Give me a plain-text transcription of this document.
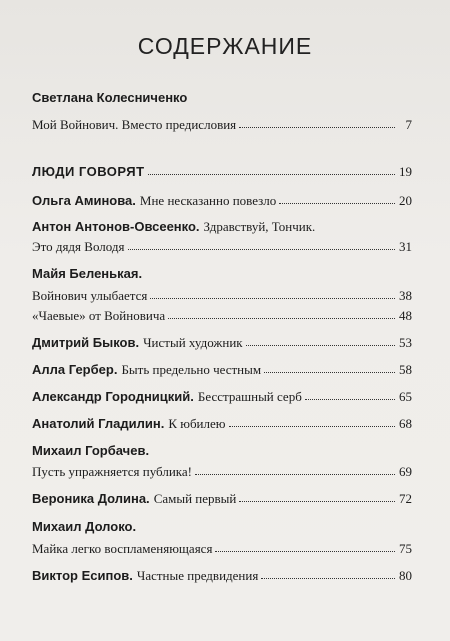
СОДЕРЖАНИЕ
Светлана Колесниченко
Мой Войнович. Вместо предисловия	7
ЛЮДИ ГОВОРЯТ	19
Ольга Аминова. Мне несказанно повезло	20
Антон Антонов-Овсеенко. Здравствуй, Тончик.
Это дядя Володя	31
Майя Беленькая.
Войнович улыбается	38
«Чаевые» от Войновича	48
Дмитрий Быков. Чистый художник	53
Алла Гербер. Быть предельно честным	58
Александр Городницкий. Бесстрашный серб	65
Анатолий Гладилин. К юбилею	68
Михаил Горбачев.
Пусть упражняется публика!	69
Вероника Долина. Самый первый	72
Михаил Долоко.
Майка легко воспламеняющаяся	75
Виктор Есипов. Частные предвидения	80
